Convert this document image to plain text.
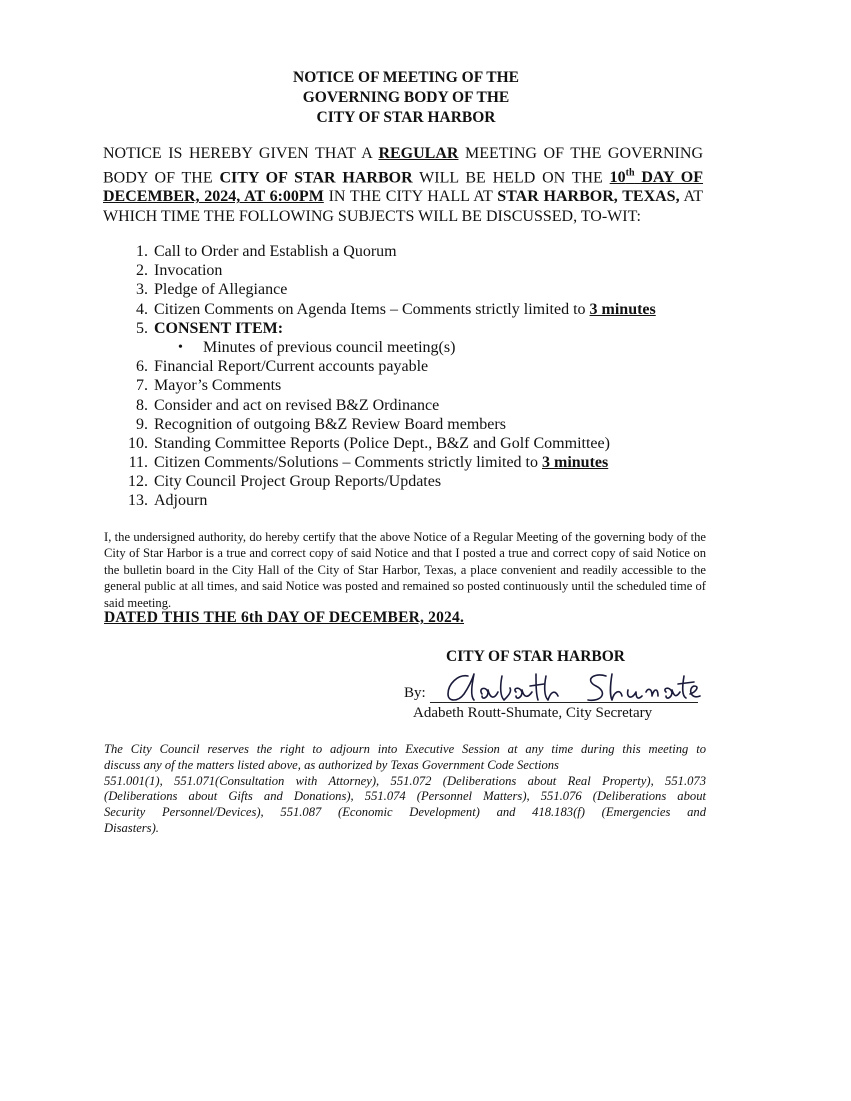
NOTICE OF MEETING OF THE
GOVERNING BODY OF THE
CITY OF STAR HARBOR
NOTICE IS HEREBY GIVEN THAT A REGULAR MEETING OF THE GOVERNING BODY OF THE CITY OF STAR HARBOR WILL BE HELD ON THE 10th DAY OF DECEMBER, 2024, AT 6:00PM IN THE CITY HALL AT STAR HARBOR, TEXAS, AT WHICH TIME THE FOLLOWING SUBJECTS WILL BE DISCUSSED, TO-WIT:
1. Call to Order and Establish a Quorum
2. Invocation
3. Pledge of Allegiance
4. Citizen Comments on Agenda Items – Comments strictly limited to 3 minutes
5. CONSENT ITEM:
• Minutes of previous council meeting(s)
6. Financial Report/Current accounts payable
7. Mayor’s Comments
8. Consider and act on revised B&Z Ordinance
9. Recognition of outgoing B&Z Review Board members
10. Standing Committee Reports (Police Dept., B&Z and Golf Committee)
11. Citizen Comments/Solutions – Comments strictly limited to 3 minutes
12. City Council Project Group Reports/Updates
13. Adjourn
I, the undersigned authority, do hereby certify that the above Notice of a Regular Meeting of the governing body of the City of Star Harbor is a true and correct copy of said Notice and that I posted a true and correct copy of said Notice on the bulletin board in the City Hall of the City of Star Harbor, Texas, a place convenient and readily accessible to the general public at all times, and said Notice was posted and remained so posted continuously until the scheduled time of said meeting.
DATED THIS THE 6th DAY OF DECEMBER, 2024.
CITY OF STAR HARBOR
By:
Adabeth Routt-Shumate, City Secretary
The City Council reserves the right to adjourn into Executive Session at any time during this meeting to
discuss any of the matters listed above, as authorized by Texas Government Code Sections
551.001(1), 551.071(Consultation with Attorney), 551.072 (Deliberations about Real Property), 551.073
(Deliberations about Gifts and Donations), 551.074 (Personnel Matters), 551.076 (Deliberations about
Security Personnel/Devices), 551.087 (Economic Development) and 418.183(f) (Emergencies and
Disasters).
